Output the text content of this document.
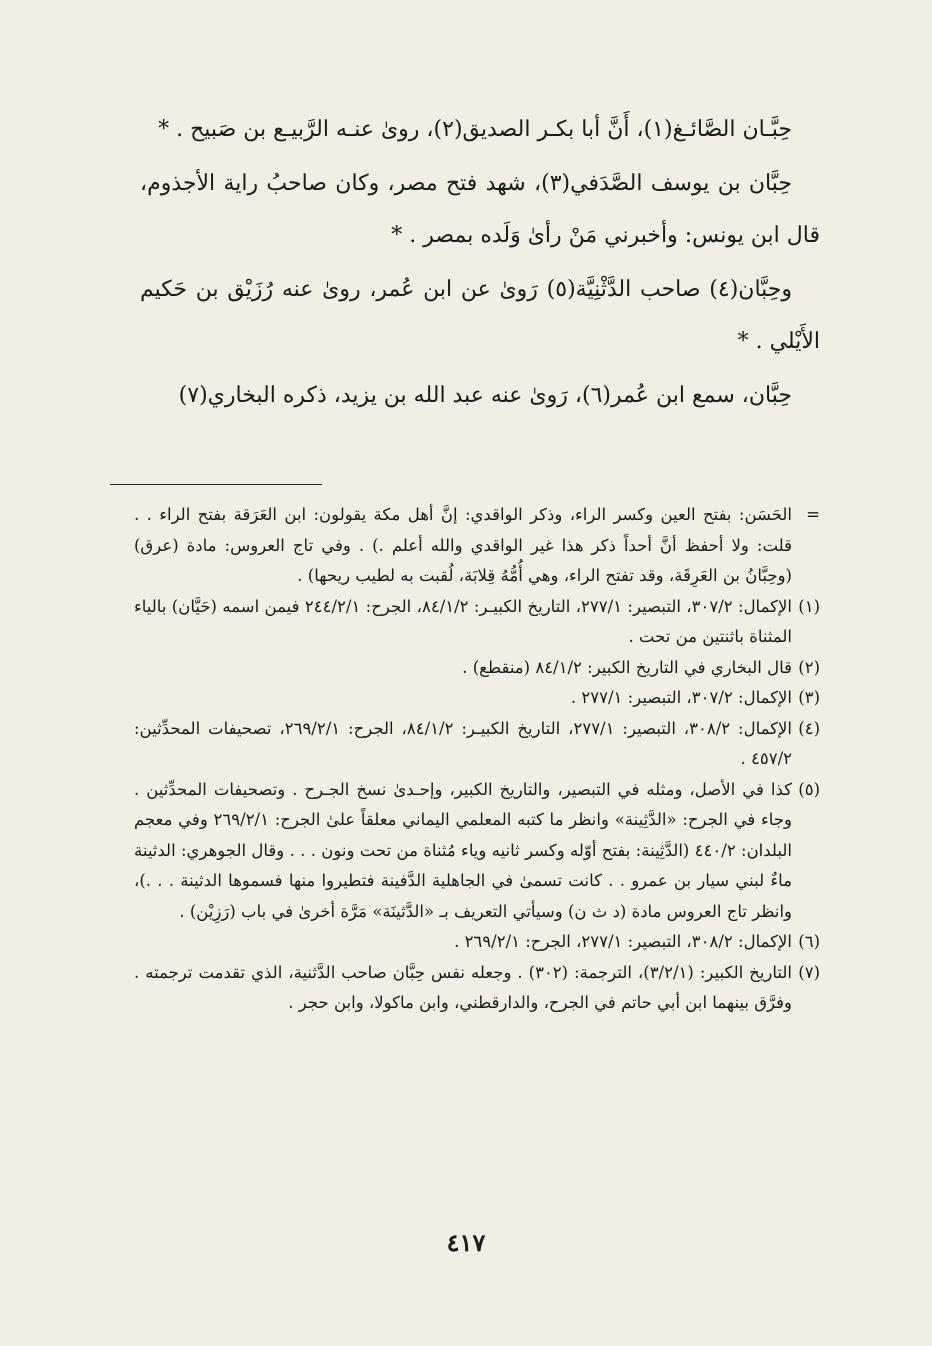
حِبَّـان الصَّائـغ(١)، أَنَّ أبا بكـر الصديق(٢)، روىٰ عنـه الرَّبيـع بن صَبيح . *

حِبَّان بن يوسف الصَّدَفي(٣)، شهد فتح مصر، وكان صاحبُ راية الأجذوم، قال ابن يونس: وأخبرني مَنْ رأىٰ وَلَده بمصر . *

وحِبَّان(٤) صاحب الدَّثْنِيَّة(٥) رَوىٰ عن ابن عُمر، روىٰ عنه رُزَيْق بن حَكيم الأَيْلي . *

حِبَّان، سمع ابن عُمر(٦)، رَوىٰ عنه عبد الله بن يزيد، ذكره البخاري(٧)

=
الحَسَن: بفتح العين وكسر الراء، وذكر الواقدي: إنَّ أهل مكة يقولون: ابن العَرَقة بفتح الراء . . قلت: ولا أحفظ أنَّ أحداً ذكر هذا غير الواقدي والله أعلم .) . وفي تاج العروس: مادة (عرق) (وحِبَّانُ بن العَرِقَة، وقد تفتح الراء، وهي أُمُّهُ قِلابَة، لُقبت به لطيب ريحها) .
(١)
الإكمال: ٣٠٧/٢، التبصير: ٢٧٧/١، التاريخ الكبيـر: ٨٤/١/٢، الجرح: ٢٤٤/٢/١ فيمن اسمه (حَيَّان) بالياء المثناة باثنتين من تحت .
(٢)
قال البخاري في التاريخ الكبير: ٨٤/١/٢ (منقطع) .
(٣)
الإكمال: ٣٠٧/٢، التبصير: ٢٧٧/١ .
(٤)
الإكمال: ٣٠٨/٢، التبصير: ٢٧٧/١، التاريخ الكبيـر: ٨٤/١/٢، الجرح: ٢٦٩/٢/١، تصحيفات المحدِّثين: ٤٥٧/٢ .
(٥)
كذا في الأصل، ومثله في التبصير، والتاريخ الكبير، وإحـدىٰ نسخ الجـرح . وتصحيفات المحدِّثين . وجاء في الجرح: «الدَّثِينة» وانظر ما كتبه المعلمي اليماني معلقاً علىٰ الجرح: ٢٦٩/٢/١ وفي معجم البلدان: ٤٤٠/٢ (الدَّثِينة: بفتح أوّله وكسر ثانيه وياء مُثناة من تحت ونون . . . وقال الجوهري: الدثينة ماءٌ لبني سيار بن عمرو . . كانت تسمىٰ في الجاهلية الدَّفينة فتطيروا منها فسموها الدثينة . . .)، وانظر تاج العروس مادة (د ث ن) وسيأتي التعريف بـ «الدَّثينَة» مَرَّة أخرىٰ في باب (رَزِيْن) .
(٦)
الإكمال: ٣٠٨/٢، التبصير: ٢٧٧/١، الجرح: ٢٦٩/٢/١ .
(٧)
التاريخ الكبير: (٣/٢/١)، الترجمة: (٣٠٢) . وجعله نفس حِبَّان صاحب الدَّثنية، الذي تقدمت ترجمته . وفرَّق بينهما ابن أبي حاتم في الجرح، والدارقطني، وابن ماكولا، وابن حجر .
٤١٧
